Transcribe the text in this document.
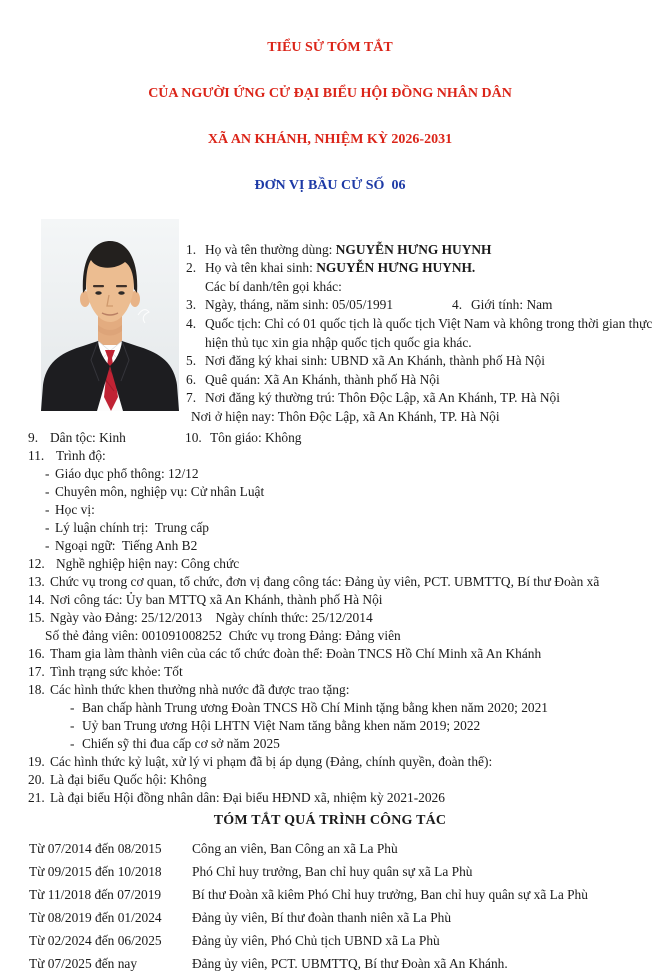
TIỂU SỬ TÓM TẮT

CỦA NGƯỜI ỨNG CỬ ĐẠI BIỂU HỘI ĐỒNG NHÂN DÂN

XÃ AN KHÁNH, NHIỆM KỲ 2026-2031

ĐƠN VỊ BẦU CỬ SỐ  06

1. Họ và tên thường dùng: NGUYỄN HƯNG HUYNH
2. Họ và tên khai sinh: NGUYỄN HƯNG HUYNH.
Các bí danh/tên gọi khác:
3. Ngày, tháng, năm sinh: 05/05/1991	4. Giới tính: Nam
4. Quốc tịch: Chỉ có 01 quốc tịch là quốc tịch Việt Nam và không trong thời gian thực hiện thủ tục xin gia nhập quốc tịch quốc gia khác.
5. Nơi đăng ký khai sinh: UBND xã An Khánh, thành phố Hà Nội
6. Quê quán: Xã An Khánh, thành phố Hà Nội
7. Nơi đăng ký thường trú: Thôn Độc Lập, xã An Khánh, TP. Hà Nội
Nơi ở hiện nay: Thôn Độc Lập, xã An Khánh, TP. Hà Nội
9. Dân tộc: Kinh	10. Tôn giáo: Không
11. Trình độ:
- Giáo dục phổ thông: 12/12
- Chuyên môn, nghiệp vụ: Cử nhân Luật
- Học vị:
- Lý luận chính trị:  Trung cấp
- Ngoại ngữ:  Tiếng Anh B2
12. Nghề nghiệp hiện nay: Công chức
13. Chức vụ trong cơ quan, tổ chức, đơn vị đang công tác: Đảng ủy viên, PCT. UBMTTQ, Bí thư Đoàn xã
14. Nơi công tác: Ủy ban MTTQ xã An Khánh, thành phố Hà Nội
15. Ngày vào Đảng: 25/12/2013    Ngày chính thức: 25/12/2014
Số thẻ đảng viên: 001091008252  Chức vụ trong Đảng: Đảng viên
16. Tham gia làm thành viên của các tổ chức đoàn thể: Đoàn TNCS Hồ Chí Minh xã An Khánh
17. Tình trạng sức khỏe: Tốt
18. Các hình thức khen thưởng nhà nước đã được trao tặng:
- Ban chấp hành Trung ương Đoàn TNCS Hồ Chí Minh tặng bằng khen năm 2020; 2021
- Uỷ ban Trung ương Hội LHTN Việt Nam tăng bằng khen năm 2019; 2022
- Chiến sỹ thi đua cấp cơ sở năm 2025
19. Các hình thức kỷ luật, xử lý vi phạm đã bị áp dụng (Đảng, chính quyền, đoàn thể):
20. Là đại biểu Quốc hội: Không
21. Là đại biểu Hội đồng nhân dân: Đại biểu HĐND xã, nhiệm kỳ 2021-2026
TÓM TẮT QUÁ TRÌNH CÔNG TÁC
Từ 07/2014 đến 08/2015	Công an viên, Ban Công an xã La Phù
Từ 09/2015 đến 10/2018	Phó Chỉ huy trưởng, Ban chỉ huy quân sự xã La Phù
Từ 11/2018 đến 07/2019	Bí thư Đoàn xã kiêm Phó Chỉ huy trưởng, Ban chỉ huy quân sự xã La Phù
Từ 08/2019 đến 01/2024	Đảng ủy viên, Bí thư đoàn thanh niên xã La Phù
Từ 02/2024 đến 06/2025	Đảng ủy viên, Phó Chủ tịch UBND xã La Phù
Từ 07/2025 đến nay	Đảng ủy viên, PCT. UBMTTQ, Bí thư Đoàn xã An Khánh.
